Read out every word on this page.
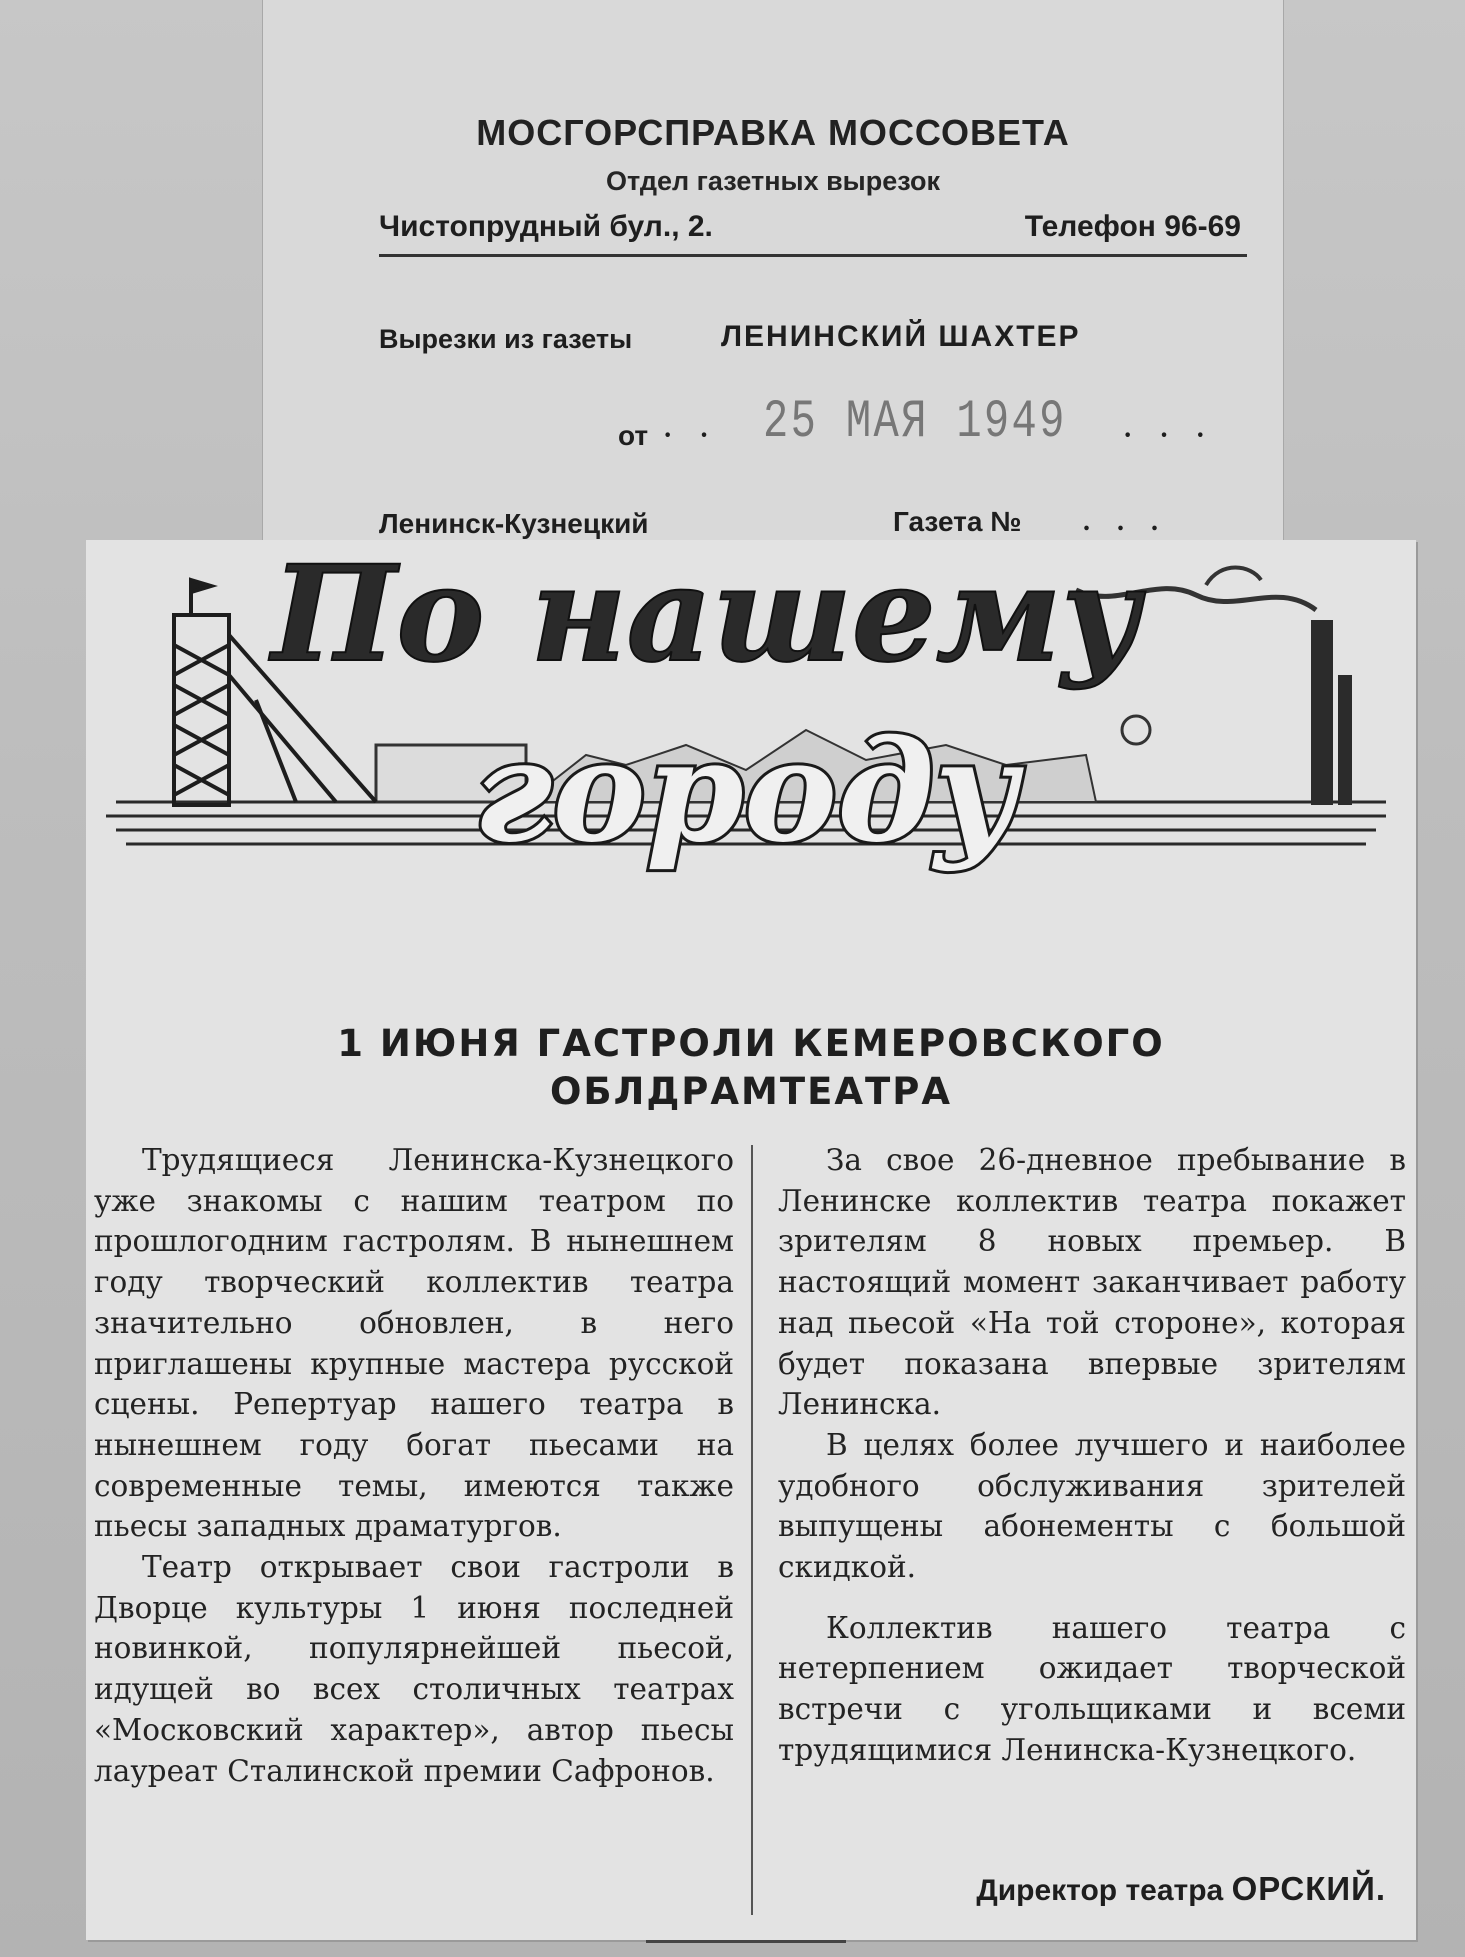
МОСГОРСПРАВКА МОССОВЕТА
Отдел газетных вырезок
Чистопрудный бул., 2.	Телефон 96-69
Вырезки из газеты	ЛЕНИНСКИЙ ШАХТЕР
от · · 25 МАЯ 1949 · · ·
Ленинск-Кузнецкий	Газета № . . .
По нашему
городу
1 ИЮНЯ ГАСТРОЛИ КЕМЕРОВСКОГО
ОБЛДРАМТЕАТРА

Трудящиеся Ленинска-Кузнецкого уже знакомы с нашим театром по прошлогодним гастролям. В нынешнем году творческий коллектив театра значительно обновлен, в него приглашены крупные мастера русской сцены. Репертуар нашего театра в нынешнем году богат пьесами на современные темы, имеются также пьесы западных драматургов.

Театр открывает свои гастроли в Дворце культуры 1 июня последней новинкой, популярнейшей пьесой, идущей во всех столичных театрах «Московский характер», автор пьесы лауреат Сталинской премии Сафронов.

За свое 26-дневное пребывание в Ленинске коллектив театра покажет зрителям 8 новых премьер. В настоящий момент заканчивает работу над пьесой «На той стороне», которая будет показана впервые зрителям Ленинска.

В целях более лучшего и наиболее удобного обслуживания зрителей выпущены абонементы с большой скидкой.

Коллектив нашего театра с нетерпением ожидает творческой встречи с угольщиками и всеми трудящимися Ленинска-Кузнецкого.

Директор театра ОРСКИЙ.
